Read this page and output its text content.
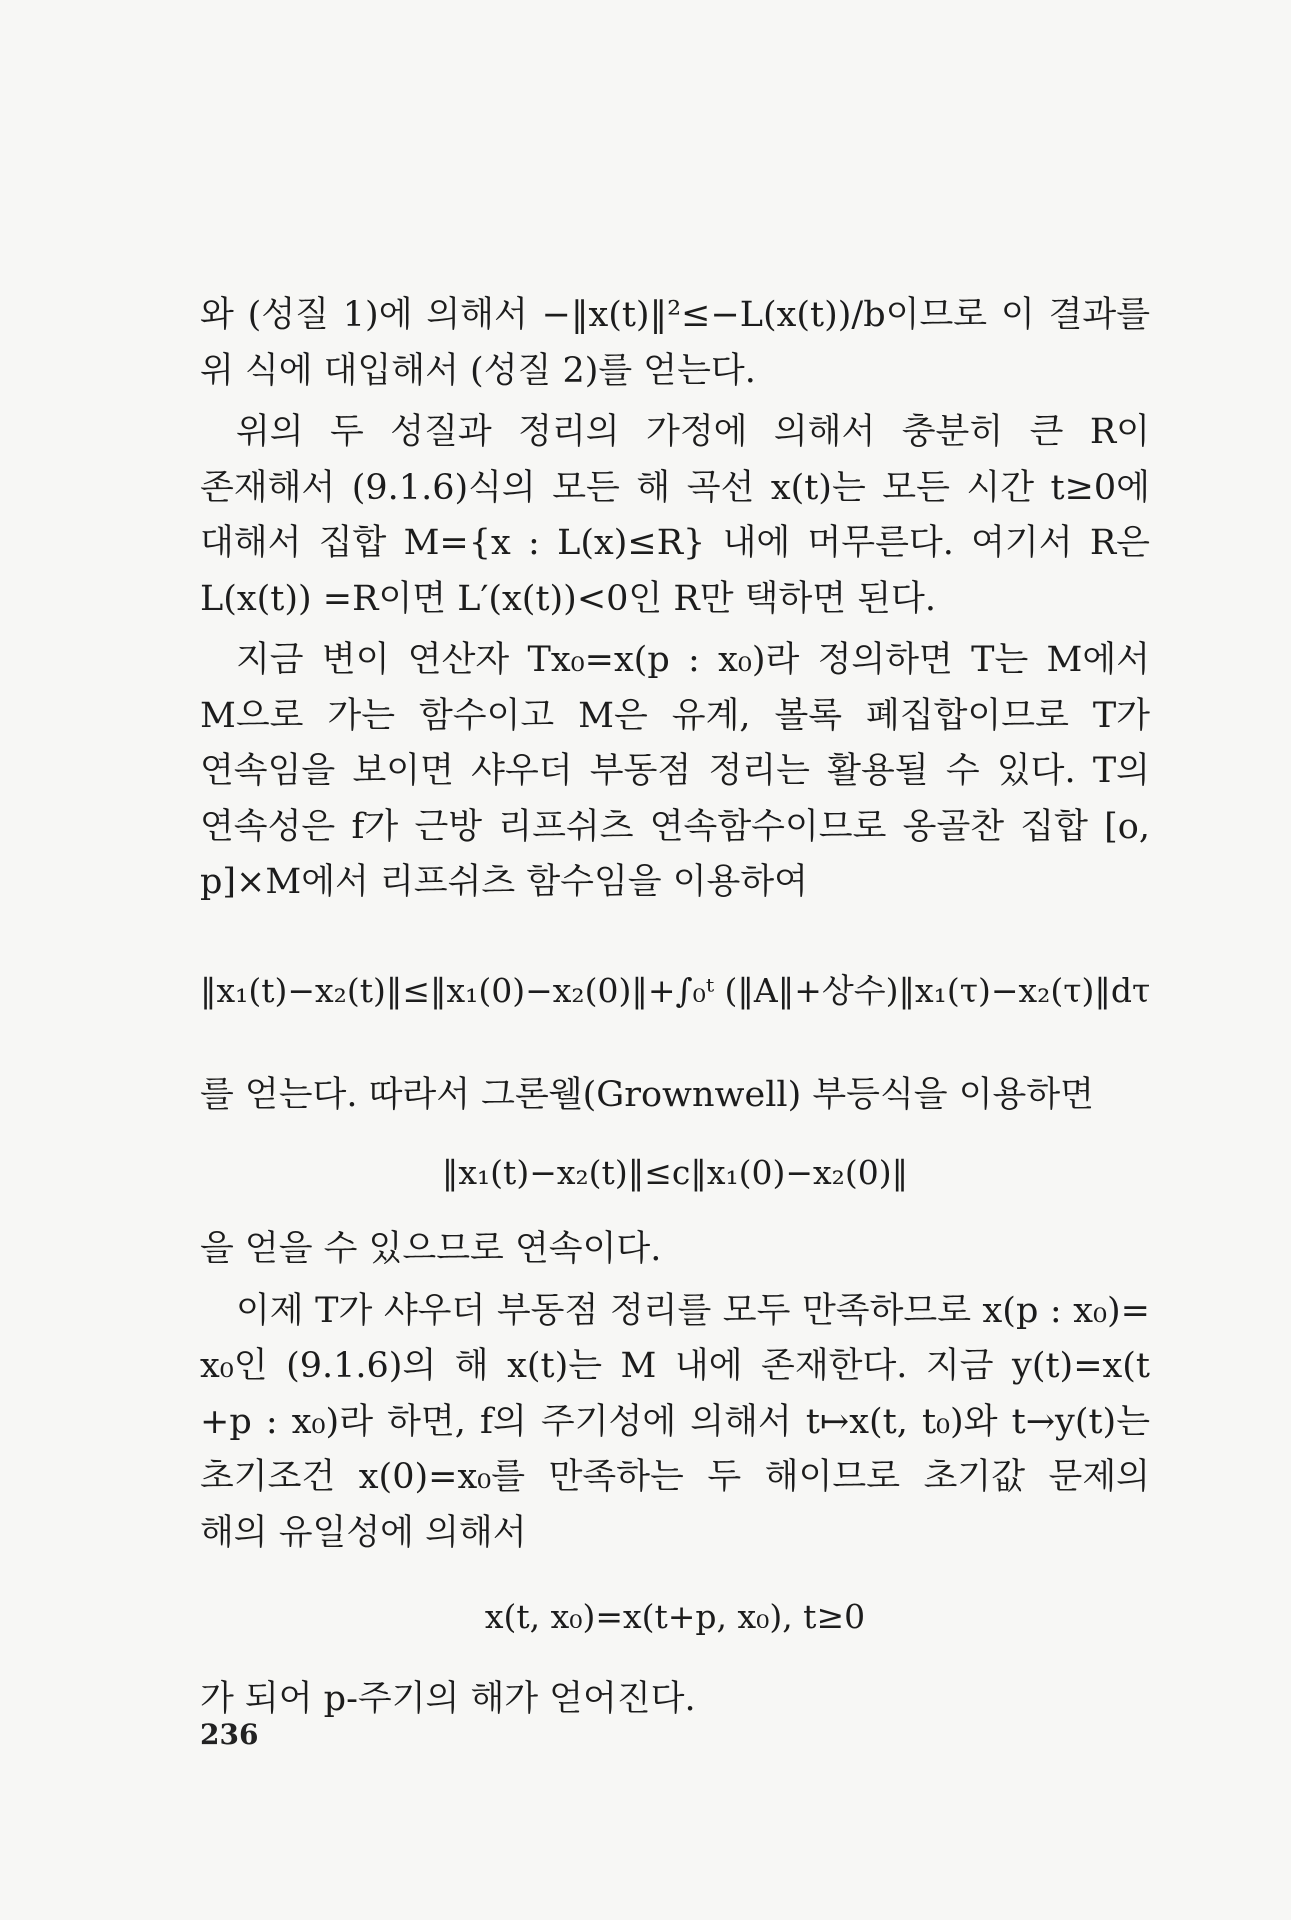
와 (성질 1)에 의해서 −‖x(t)‖²≤−L(x(t))/b이므로 이 결과를 위 식에 대입해서 (성질 2)를 얻는다.

위의 두 성질과 정리의 가정에 의해서 충분히 큰 R이 존재해서 (9.1.6)식의 모든 해 곡선 x(t)는 모든 시간 t≥0에 대해서 집합 M={x : L(x)≤R} 내에 머무른다. 여기서 R은 L(x(t)) =R이면 L′(x(t))<0인 R만 택하면 된다.

지금 변이 연산자 Tx₀=x(p : x₀)라 정의하면 T는 M에서 M으로 가는 함수이고 M은 유계, 볼록 폐집합이므로 T가 연속임을 보이면 샤우더 부동점 정리는 활용될 수 있다. T의 연속성은 f가 근방 리프쉬츠 연속함수이므로 옹골찬 집합 [o, p]×M에서 리프쉬츠 함수임을 이용하여

‖x₁(t)−x₂(t)‖≤‖x₁(0)−x₂(0)‖+∫₀ᵗ (‖A‖+상수)‖x₁(τ)−x₂(τ)‖dτ

를 얻는다. 따라서 그론웰(Grownwell) 부등식을 이용하면

‖x₁(t)−x₂(t)‖≤c‖x₁(0)−x₂(0)‖

을 얻을 수 있으므로 연속이다.

이제 T가 샤우더 부동점 정리를 모두 만족하므로 x(p : x₀)= x₀인 (9.1.6)의 해 x(t)는 M 내에 존재한다. 지금 y(t)=x(t +p : x₀)라 하면, f의 주기성에 의해서 t↦x(t, t₀)와 t→y(t)는 초기조건 x(0)=x₀를 만족하는 두 해이므로 초기값 문제의 해의 유일성에 의해서

x(t, x₀)=x(t+p, x₀), t≥0

가 되어 p-주기의 해가 얻어진다.

236
